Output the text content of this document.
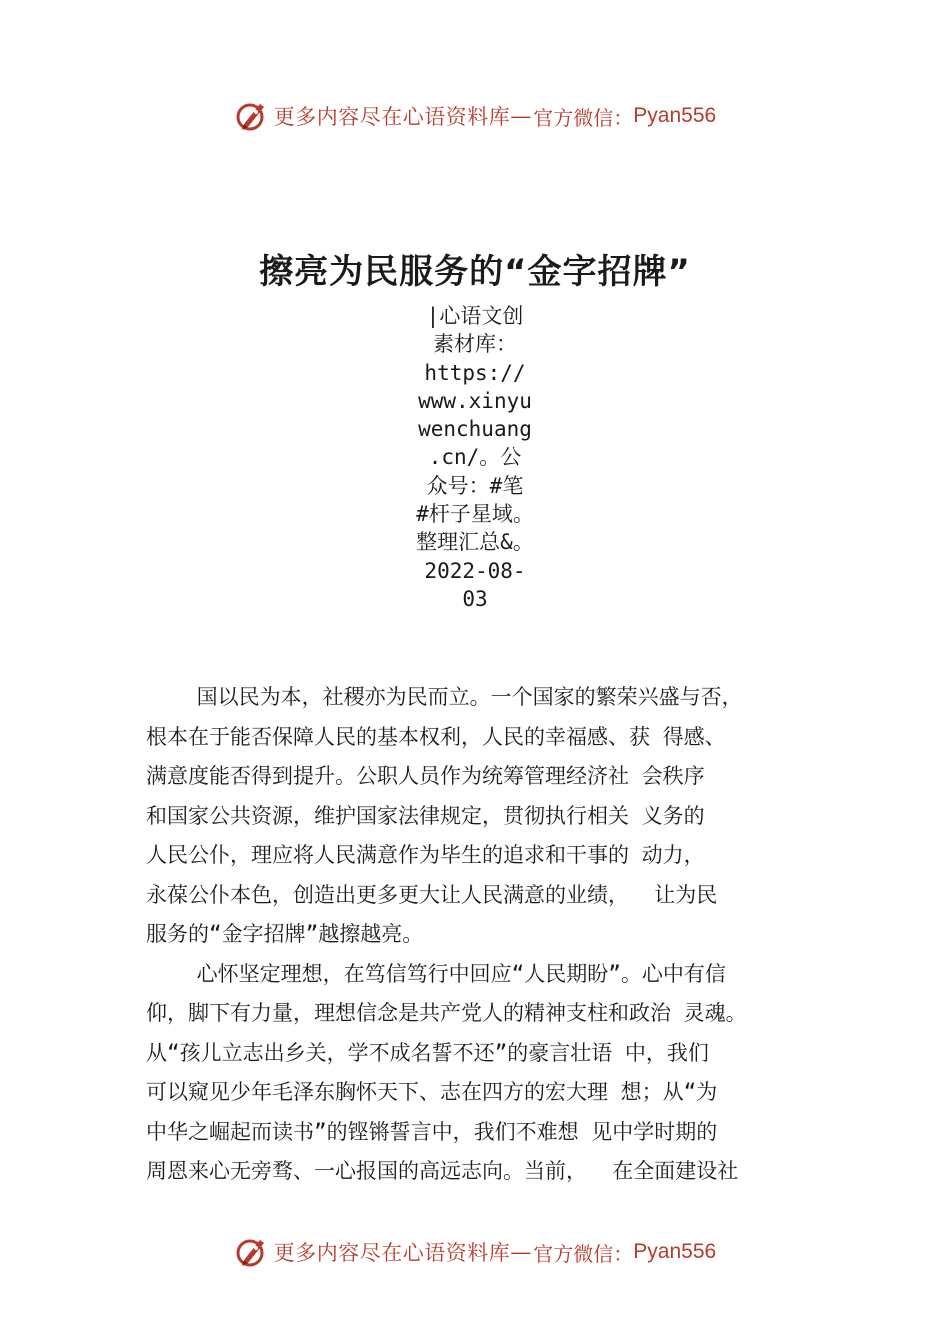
更多内容尽在心语资料库 — 官方微信： Pyan556
擦亮为民服务的“金字招牌”
|心语文创
素材库：
https://
www.xinyu
wenchuang
.cn/。公
众号：#笔
#杆子星域。
整理汇总&。
2022-08-
03
国以民为本，社稷亦为民而立。一个国家的繁荣兴盛与否，
根本在于能否保障人民的基本权利，人民的幸福感、获 得感、
满意度能否得到提升。公职人员作为统筹管理经济社 会秩序
和国家公共资源，维护国家法律规定，贯彻执行相关 义务的
人民公仆，理应将人民满意作为毕生的追求和干事的 动力，
永葆公仆本色，创造出更多更大让人民满意的业绩，  让为民
服务的“金字招牌”越擦越亮。
心怀坚定理想，在笃信笃行中回应“人民期盼”。心中有信
仰，脚下有力量，理想信念是共产党人的精神支柱和政治 灵魂。
从“孩儿立志出乡关，学不成名誓不还”的豪言壮语 中，我们
可以窥见少年毛泽东胸怀天下、志在四方的宏大理 想；从“为
中华之崛起而读书”的铿锵誓言中，我们不难想 见中学时期的
周恩来心无旁骛、一心报国的高远志向。当前，  在全面建设社
更多内容尽在心语资料库 — 官方微信： Pyan556
